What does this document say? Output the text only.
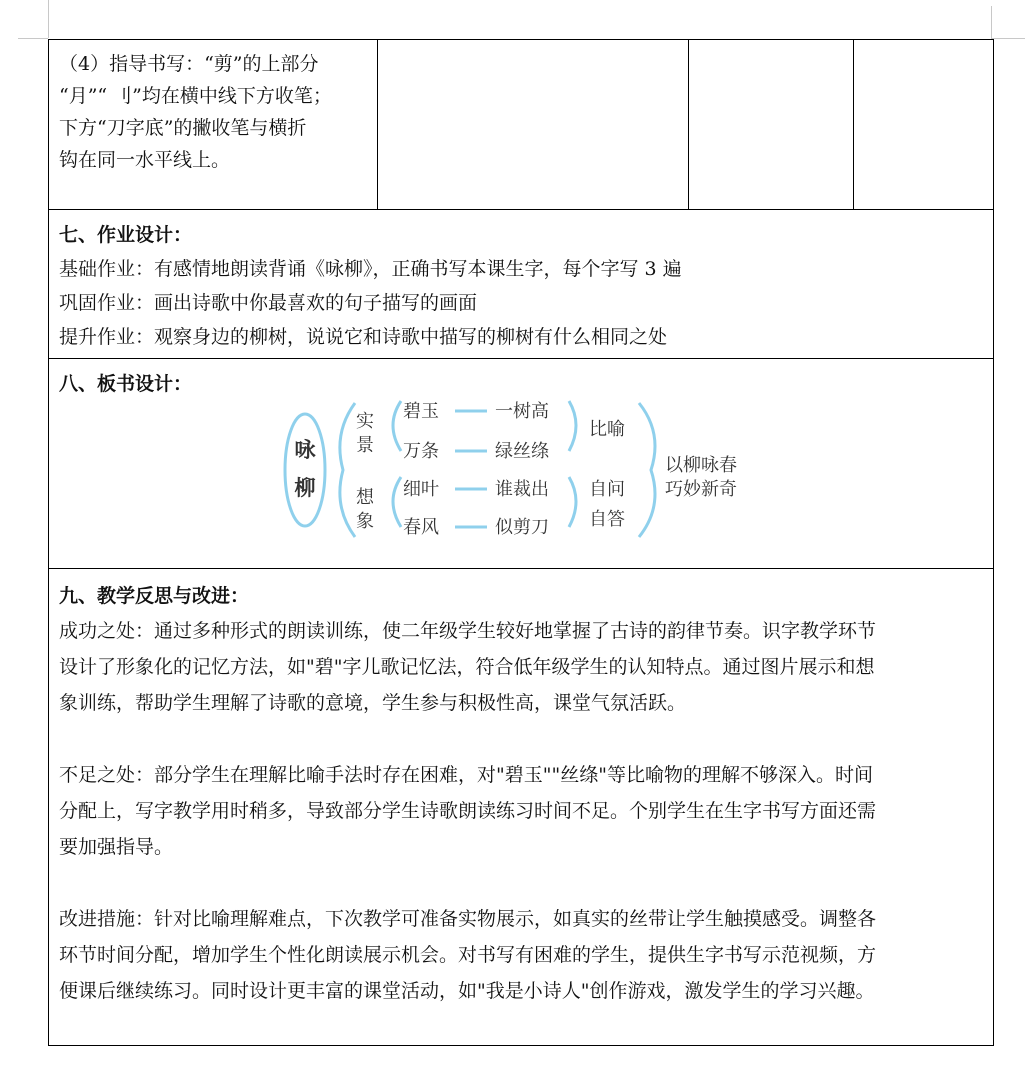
（4）指导书写：“剪”的上部分
“月”“ 刂”均在横中线下方收笔；
下方“刀字底”的撇收笔与横折
钩在同一水平线上。

七、作业设计：
基础作业：有感情地朗读背诵《咏柳》，正确书写本课生字，每个字写 3 遍
巩固作业：画出诗歌中你最喜欢的句子描写的画面
提升作业：观察身边的柳树，说说它和诗歌中描写的柳树有什么相同之处

八、板书设计：
咏
柳
实
景
想
象
碧玉
万条
细叶
春风
一树高
绿丝绦
谁裁出
似剪刀
比喻
自问
自答
以柳咏春
巧妙新奇

九、教学反思与改进：

成功之处：通过多种形式的朗读训练，使二年级学生较好地掌握了古诗的韵律节奏。识字教学环节
设计了形象化的记忆方法，如"碧"字儿歌记忆法，符合低年级学生的认知特点。通过图片展示和想
象训练，帮助学生理解了诗歌的意境，学生参与积极性高，课堂气氛活跃。

不足之处：部分学生在理解比喻手法时存在困难，对"碧玉""丝绦"等比喻物的理解不够深入。时间
分配上，写字教学用时稍多，导致部分学生诗歌朗读练习时间不足。个别学生在生字书写方面还需
要加强指导。

改进措施：针对比喻理解难点，下次教学可准备实物展示，如真实的丝带让学生触摸感受。调整各
环节时间分配，增加学生个性化朗读展示机会。对书写有困难的学生，提供生字书写示范视频，方
便课后继续练习。同时设计更丰富的课堂活动，如"我是小诗人"创作游戏，激发学生的学习兴趣。
